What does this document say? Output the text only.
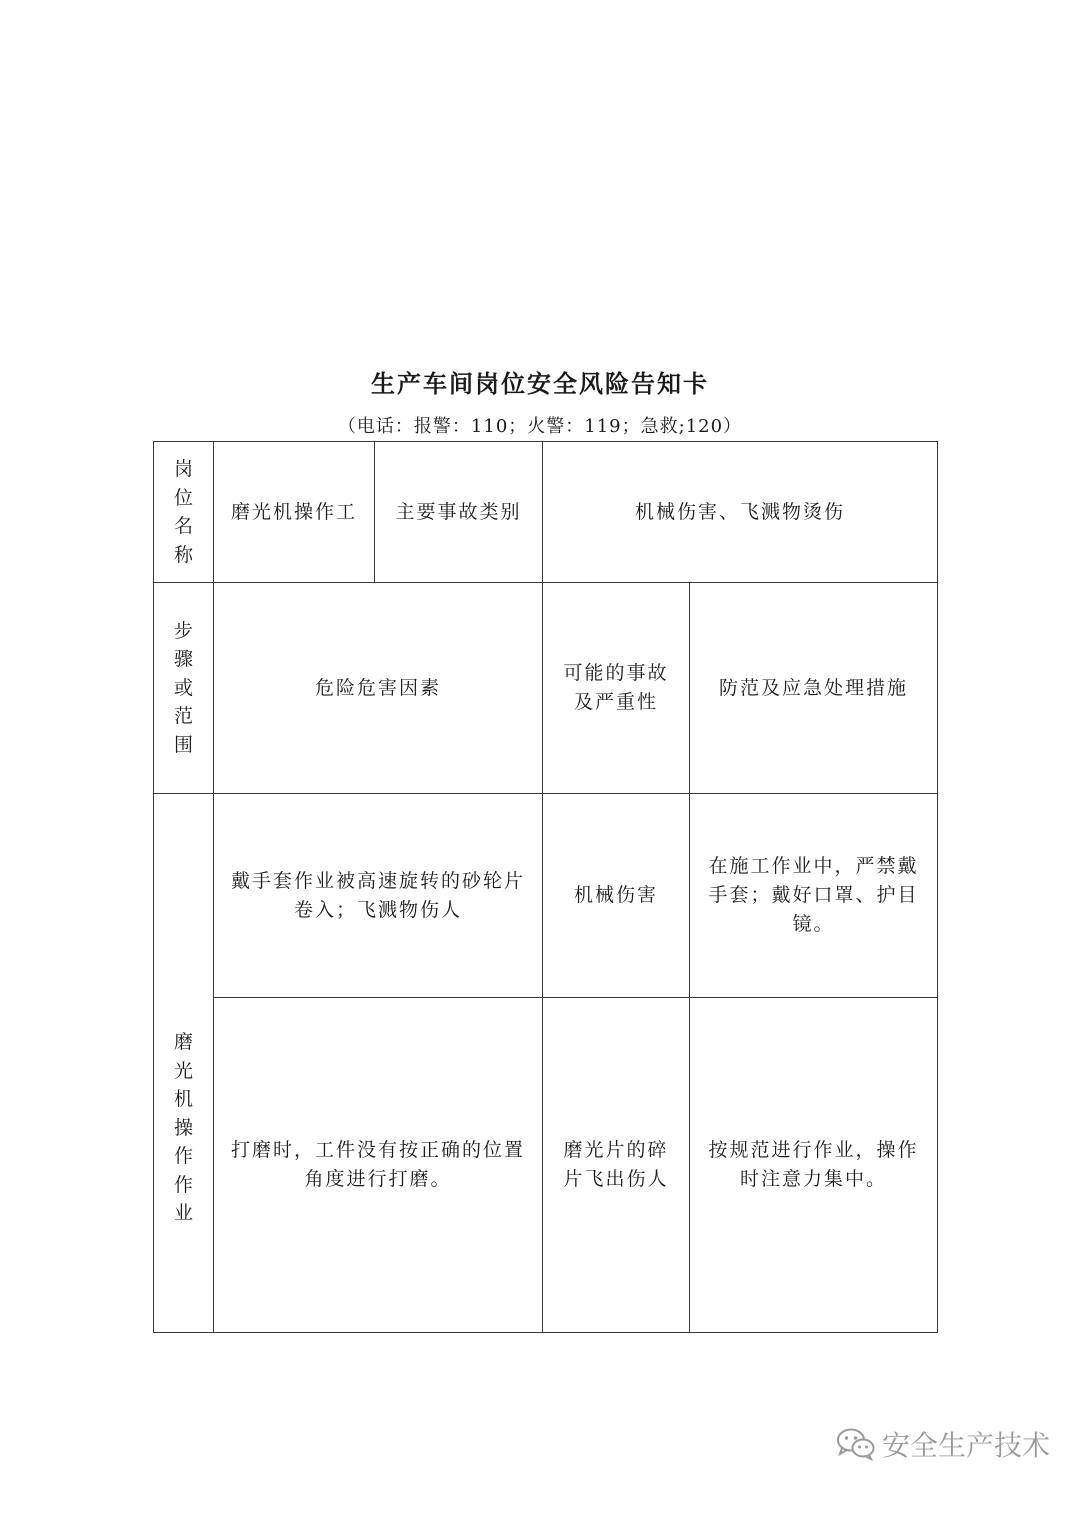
生产车间岗位安全风险告知卡
（电话：报警：110；火警：119；急救;120）
岗位名称
磨光机操作工	主要事故类别	机械伤害、飞溅物烫伤
步骤或范围
危险危害因素
可能的事故及严重性
防范及应急处理措施
磨光机操作作业
戴手套作业被高速旋转的砂轮片卷入；飞溅物伤人
机械伤害
在施工作业中，严禁戴手套；戴好口罩、护目镜。
打磨时，工件没有按正确的位置角度进行打磨。
磨光片的碎片飞出伤人
按规范进行作业，操作时注意力集中。
安全生产技术
